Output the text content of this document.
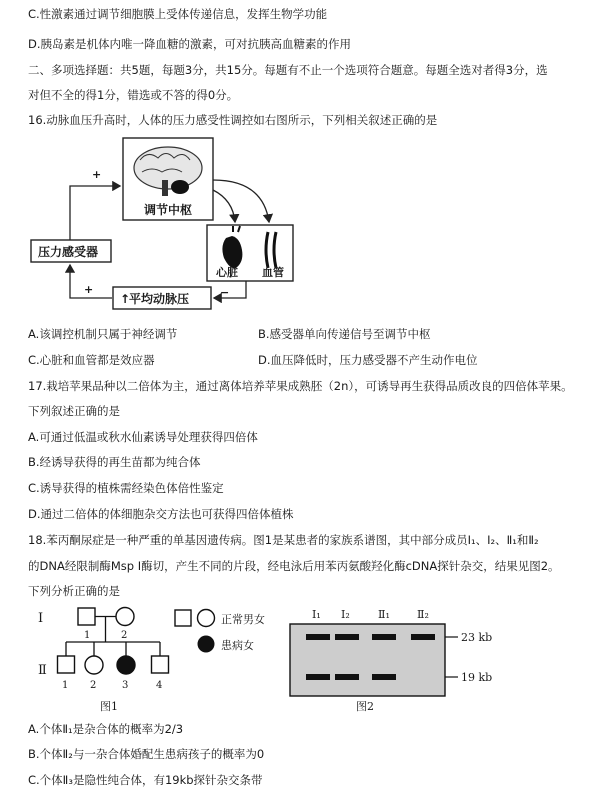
C.性激素通过调节细胞膜上受体传递信息，发挥生物学功能
D.胰岛素是机体内唯一降血糖的激素，可对抗胰高血糖素的作用
二、多项选择题：共5题，每题3分，共15分。每题有不止一个选项符合题意。每题全选对者得3分，选
对但不全的得1分，错选或不答的得0分。
16.动脉血压升高时，人体的压力感受性调控如右图所示，下列相关叙述正确的是
调节中枢
心脏 血管
压力感受器
↑
平均动脉压
+
+	−
A.该调控机制只属于神经调节	B.感受器单向传递信号至调节中枢
C.心脏和血管都是效应器	D.血压降低时，压力感受器不产生动作电位
17.栽培苹果品种以二倍体为主，通过离体培养苹果成熟胚（2n），可诱导再生获得品质改良的四倍体苹果。
下列叙述正确的是
A.可通过低温或秋水仙素诱导处理获得四倍体
B.经诱导获得的再生苗都为纯合体
C.诱导获得的植株需经染色体倍性鉴定
D.通过二倍体的体细胞杂交方法也可获得四倍体植株
18.苯丙酮尿症是一种严重的单基因遗传病。图1是某患者的家族系谱图，其中部分成员Ⅰ₁、Ⅰ₂、Ⅱ₁和Ⅱ₂
的DNA经限制酶Msp Ⅰ酶切，产生不同的片段，经电泳后用苯丙氨酸羟化酶cDNA探针杂交，结果见图2。
下列分析正确的是
Ⅰ
Ⅱ
1	2
1 2	3	4
图1
正常男女
患病女
Ⅰ₁ Ⅰ₂	Ⅱ₁ Ⅱ₂
23 kb
19 kb
图2
A.个体Ⅱ₁是杂合体的概率为2/3
B.个体Ⅱ₂与一杂合体婚配生患病孩子的概率为0
C.个体Ⅱ₃是隐性纯合体，有19kb探针杂交条带
